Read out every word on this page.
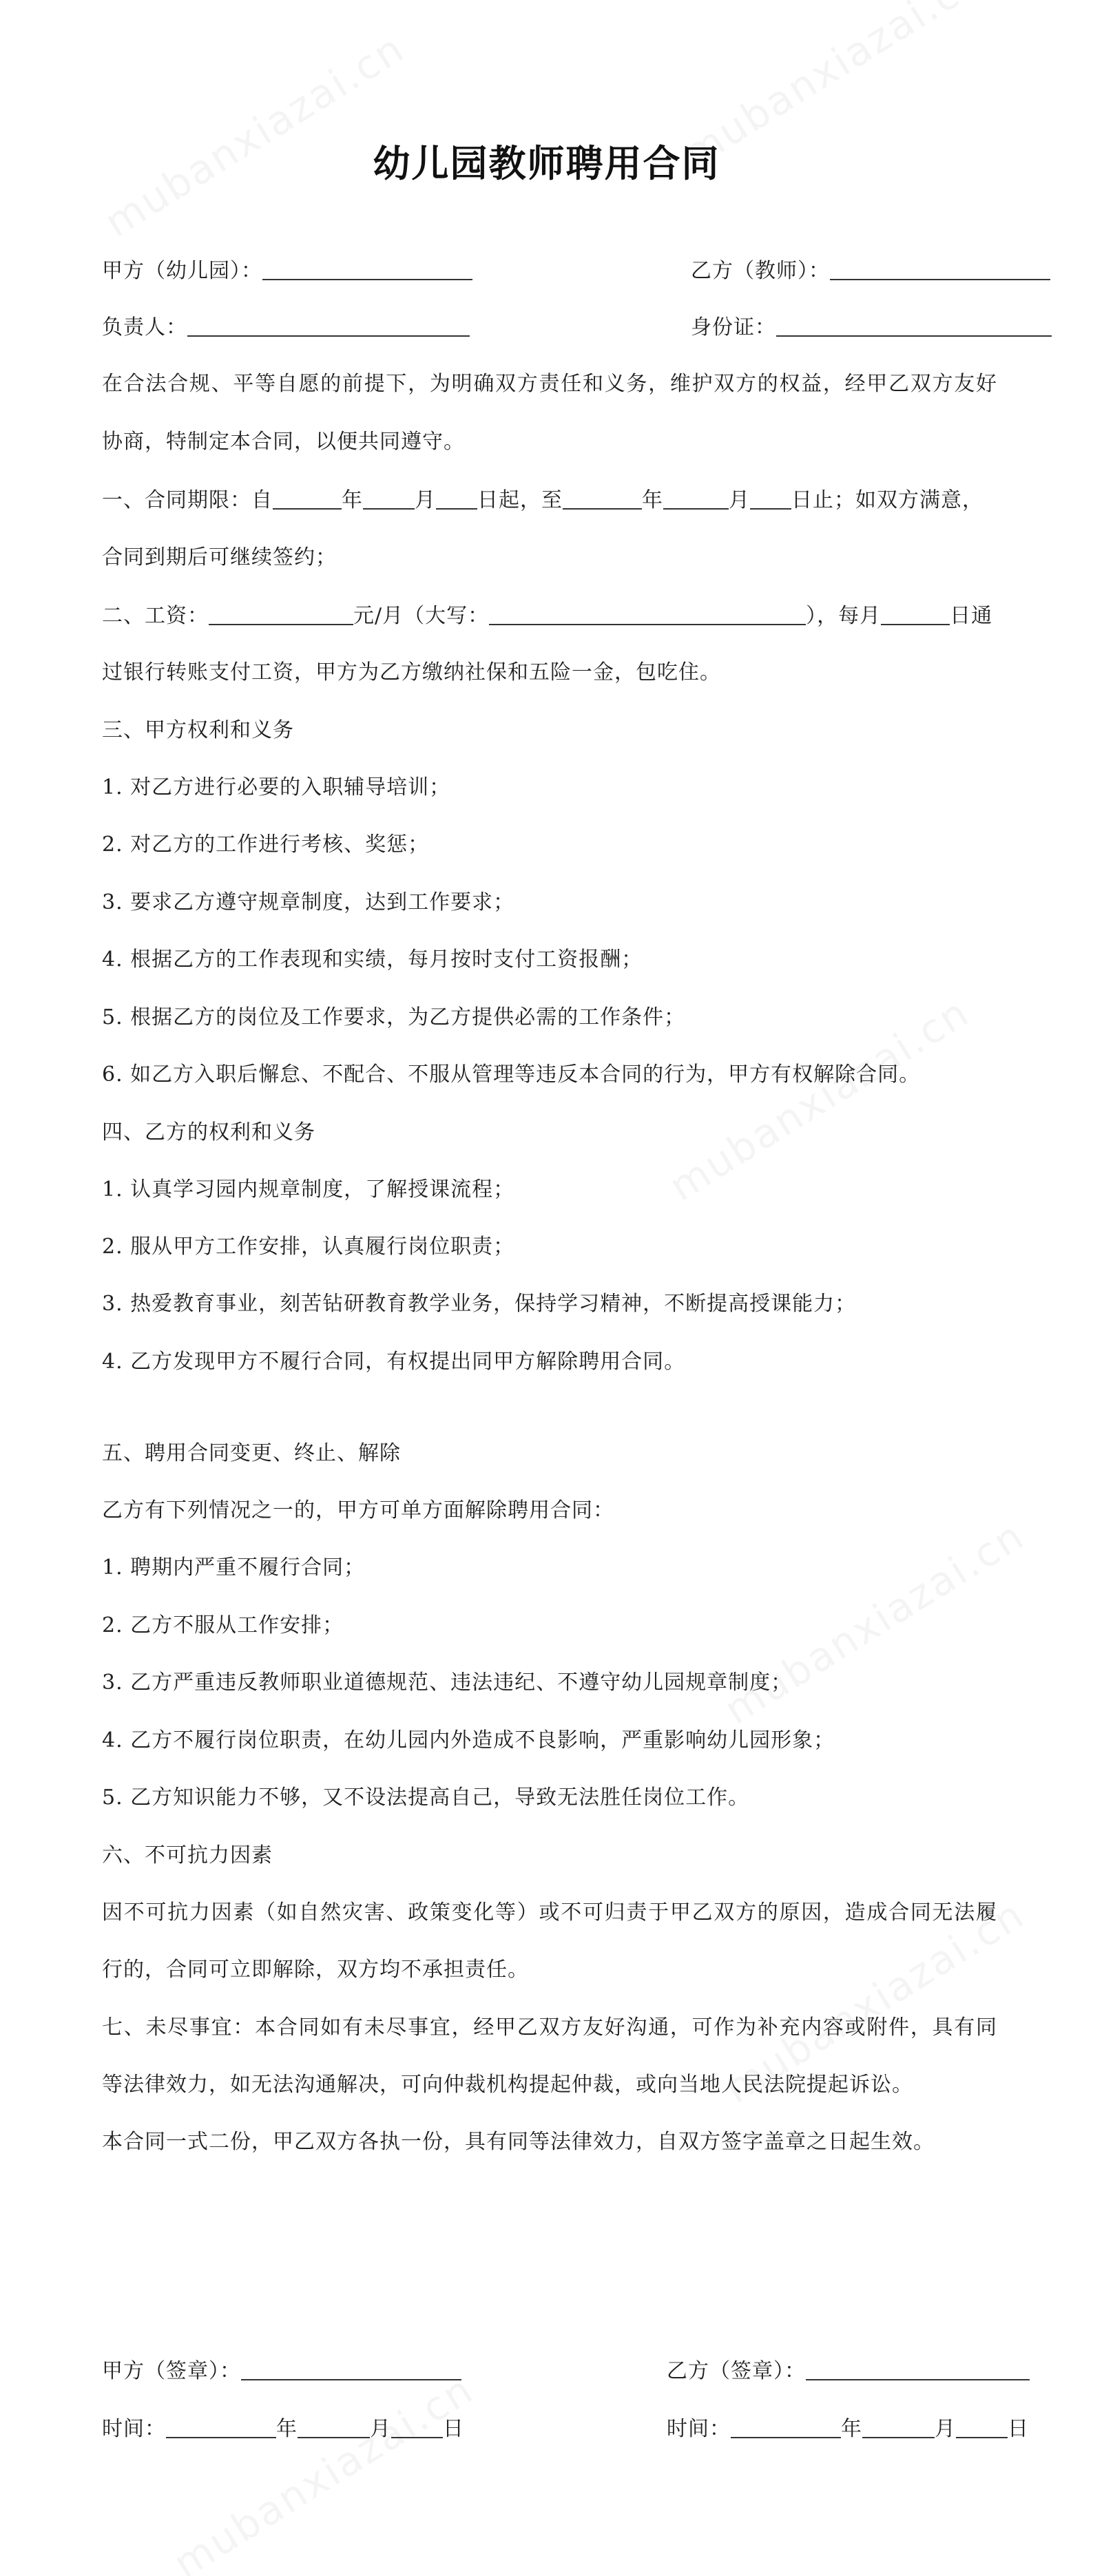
幼儿园教师聘用合同
甲方（幼儿园）：	乙方（教师）：
负责人：	身份证：
在合法合规、平等自愿的前提下，为明确双方责任和义务，维护双方的权益，经甲乙双方友好
协商，特制定本合同，以便共同遵守。
一、合同期限：自	年	月 日起，至	年	月 日止；如双方满意，
合同到期后可继续签约；
二、工资：	元/月（大写：	），每月	日通
过银行转账支付工资，甲方为乙方缴纳社保和五险一金，包吃住。
三、甲方权利和义务
1. 对乙方进行必要的入职辅导培训；
2. 对乙方的工作进行考核、奖惩；
3. 要求乙方遵守规章制度，达到工作要求；
4. 根据乙方的工作表现和实绩，每月按时支付工资报酬；
5. 根据乙方的岗位及工作要求，为乙方提供必需的工作条件；
6. 如乙方入职后懈怠、不配合、不服从管理等违反本合同的行为，甲方有权解除合同。
四、乙方的权利和义务
1. 认真学习园内规章制度，了解授课流程；
2. 服从甲方工作安排，认真履行岗位职责；
3. 热爱教育事业，刻苦钻研教育教学业务，保持学习精神，不断提高授课能力；
4. 乙方发现甲方不履行合同，有权提出同甲方解除聘用合同。
五、聘用合同变更、终止、解除
乙方有下列情况之一的，甲方可单方面解除聘用合同：
1. 聘期内严重不履行合同；
2. 乙方不服从工作安排；
3. 乙方严重违反教师职业道德规范、违法违纪、不遵守幼儿园规章制度；
4. 乙方不履行岗位职责，在幼儿园内外造成不良影响，严重影响幼儿园形象；
5. 乙方知识能力不够，又不设法提高自己，导致无法胜任岗位工作。
六、不可抗力因素
因不可抗力因素（如自然灾害、政策变化等）或不可归责于甲乙双方的原因，造成合同无法履
行的，合同可立即解除，双方均不承担责任。
七、未尽事宜：本合同如有未尽事宜，经甲乙双方友好沟通，可作为补充内容或附件，具有同
等法律效力，如无法沟通解决，可向仲裁机构提起仲裁，或向当地人民法院提起诉讼。
本合同一式二份，甲乙双方各执一份，具有同等法律效力，自双方签字盖章之日起生效。
甲方（签章）：	乙方（签章）：
时间：	年	月	日	时间：	年	月	日
